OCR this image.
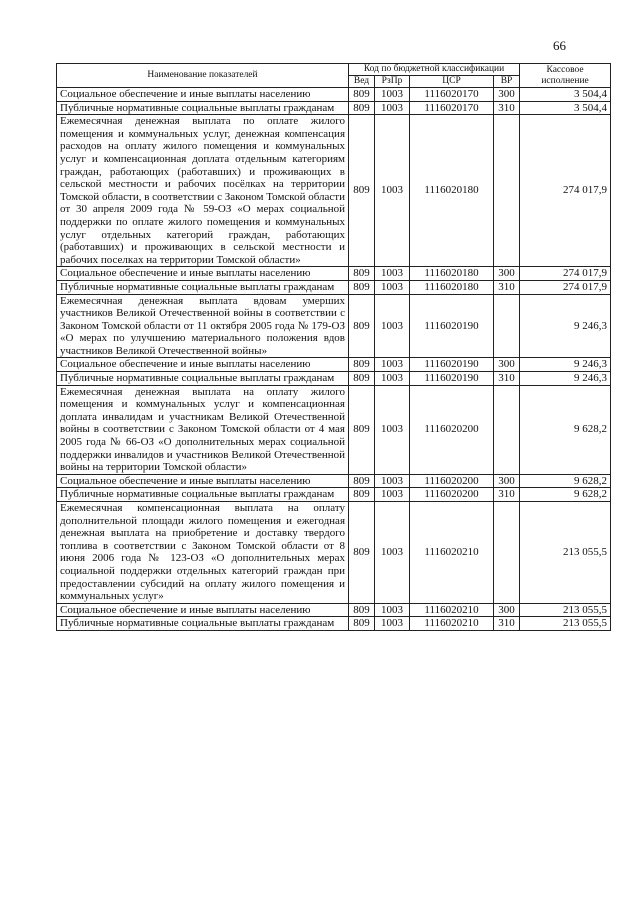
66
Наименование показателей	Код по бюджетной классификации				Кассовое исполнение
	Вед	РзПр	ЦСР	ВР	
Социальное обеспечение и иные выплаты населению	809	1003	1116020170	300	3 504,4
Публичные нормативные социальные выплаты гражданам	809	1003	1116020170	310	3 504,4
Ежемесячная денежная выплата по оплате жилого помещения и коммунальных услуг, денежная компенсация расходов на оплату жилого помещения и коммунальных услуг и компенсационная доплата отдельным категориям граждан, работающих (работавших) и проживающих в сельской местности и рабочих посёлках на территории Томской области, в соответствии с Законом Томской области от 30 апреля 2009 года № 59-ОЗ «О мерах социальной поддержки по оплате жилого помещения и коммунальных услуг отдельных категорий граждан, работающих (работавших) и проживающих в сельской местности и рабочих поселках на территории Томской области»	809	1003	1116020180		274 017,9
Социальное обеспечение и иные выплаты населению	809	1003	1116020180	300	274 017,9
Публичные нормативные социальные выплаты гражданам	809	1003	1116020180	310	274 017,9
Ежемесячная денежная выплата вдовам умерших участников Великой Отечественной войны в соответствии с Законом Томской области от 11 октября 2005 года № 179-ОЗ «О мерах по улучшению материального положения вдов участников Великой Отечественной войны»	809	1003	1116020190		9 246,3
Социальное обеспечение и иные выплаты населению	809	1003	1116020190	300	9 246,3
Публичные нормативные социальные выплаты гражданам	809	1003	1116020190	310	9 246,3
Ежемесячная денежная выплата на оплату жилого помещения и коммунальных услуг и компенсационная доплата инвалидам и участникам Великой Отечественной войны в соответствии с Законом Томской области от 4 мая 2005 года № 66-ОЗ «О дополнительных мерах социальной поддержки инвалидов и участников Великой Отечественной войны на территории Томской области»	809	1003	1116020200		9 628,2
Социальное обеспечение и иные выплаты населению	809	1003	1116020200	300	9 628,2
Публичные нормативные социальные выплаты гражданам	809	1003	1116020200	310	9 628,2
Ежемесячная компенсационная выплата на оплату дополнительной площади жилого помещения и ежегодная денежная выплата на приобретение и доставку твердого топлива в соответствии с Законом Томской области от 8 июня 2006 года № 123-ОЗ «О дополнительных мерах социальной поддержки отдельных категорий граждан при предоставлении субсидий на оплату жилого помещения и коммунальных услуг»	809	1003	1116020210		213 055,5
Социальное обеспечение и иные выплаты населению	809	1003	1116020210	300	213 055,5
Публичные нормативные социальные выплаты гражданам	809	1003	1116020210	310	213 055,5
